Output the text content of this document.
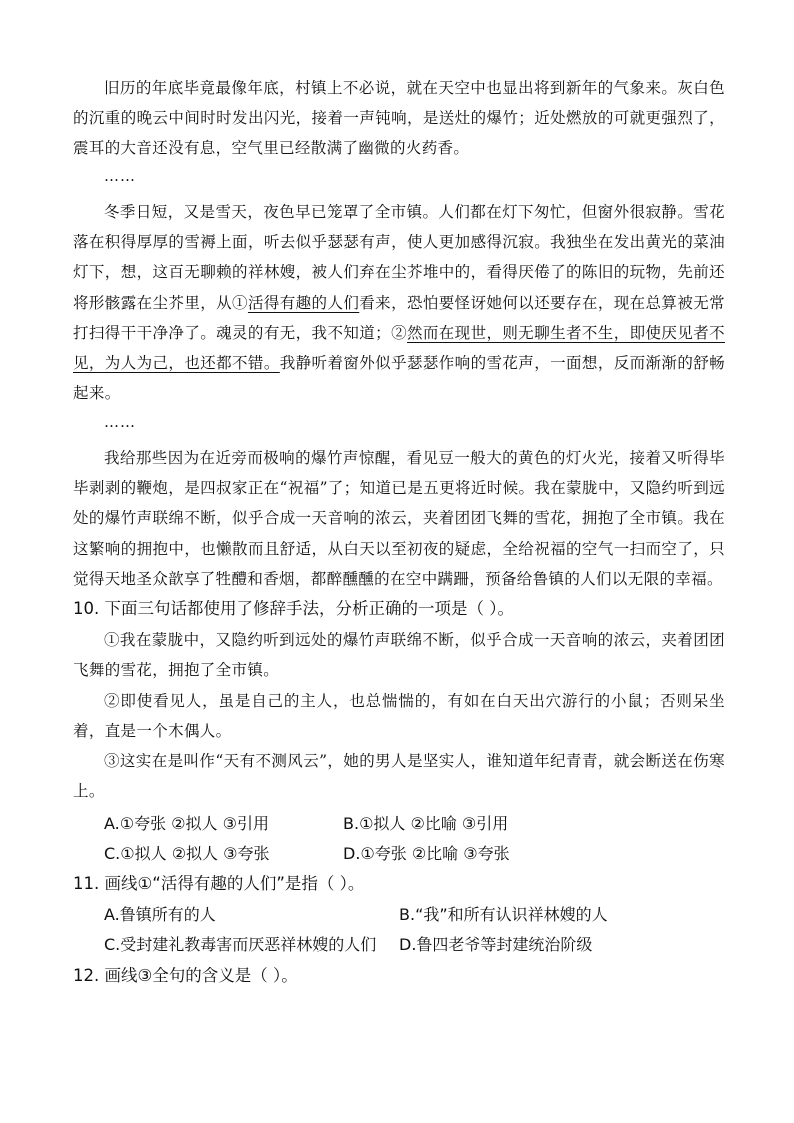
旧历的年底毕竟最像年底，村镇上不必说，就在天空中也显出将到新年的气象来。灰白色的沉重的晚云中间时时发出闪光，接着一声钝响，是送灶的爆竹；近处燃放的可就更强烈了，震耳的大音还没有息，空气里已经散满了幽微的火药香。

……

冬季日短，又是雪天，夜色早已笼罩了全市镇。人们都在灯下匆忙，但窗外很寂静。雪花落在积得厚厚的雪褥上面，听去似乎瑟瑟有声，使人更加感得沉寂。我独坐在发出黄光的菜油灯下，想，这百无聊赖的祥林嫂，被人们弃在尘芥堆中的，看得厌倦了的陈旧的玩物，先前还将形骸露在尘芥里，从①活得有趣的人们看来，恐怕要怪讶她何以还要存在，现在总算被无常打扫得干干净净了。魂灵的有无，我不知道；②然而在现世，则无聊生者不生，即使厌见者不见，为人为己，也还都不错。我静听着窗外似乎瑟瑟作响的雪花声，一面想，反而渐渐的舒畅起来。

……

我给那些因为在近旁而极响的爆竹声惊醒，看见豆一般大的黄色的灯火光，接着又听得毕毕剥剥的鞭炮，是四叔家正在“祝福”了；知道已是五更将近时候。我在蒙胧中，又隐约听到远处的爆竹声联绵不断，似乎合成一天音响的浓云，夹着团团飞舞的雪花，拥抱了全市镇。我在这繁响的拥抱中，也懒散而且舒适，从白天以至初夜的疑虑，全给祝福的空气一扫而空了，只觉得天地圣众歆享了牲醴和香烟，都醉醺醺的在空中蹒跚，预备给鲁镇的人们以无限的幸福。

10. 下面三句话都使用了修辞手法，分析正确的一项是（ ）。

①我在蒙胧中，又隐约听到远处的爆竹声联绵不断，似乎合成一天音响的浓云，夹着团团飞舞的雪花，拥抱了全市镇。

②即使看见人，虽是自己的主人，也总惴惴的，有如在白天出穴游行的小鼠；否则呆坐着，直是一个木偶人。

③这实在是叫作“天有不测风云”，她的男人是坚实人，谁知道年纪青青，就会断送在伤寒上。

A.①夸张 ②拟人 ③引用	B.①拟人 ②比喻 ③引用

C.①拟人 ②拟人 ③夸张	D.①夸张 ②比喻 ③夸张

11. 画线①“活得有趣的人们”是指（ ）。

A.鲁镇所有的人	B.“我”和所有认识祥林嫂的人

C.受封建礼教毒害而厌恶祥林嫂的人们 D.鲁四老爷等封建统治阶级

12. 画线③全句的含义是（ ）。
